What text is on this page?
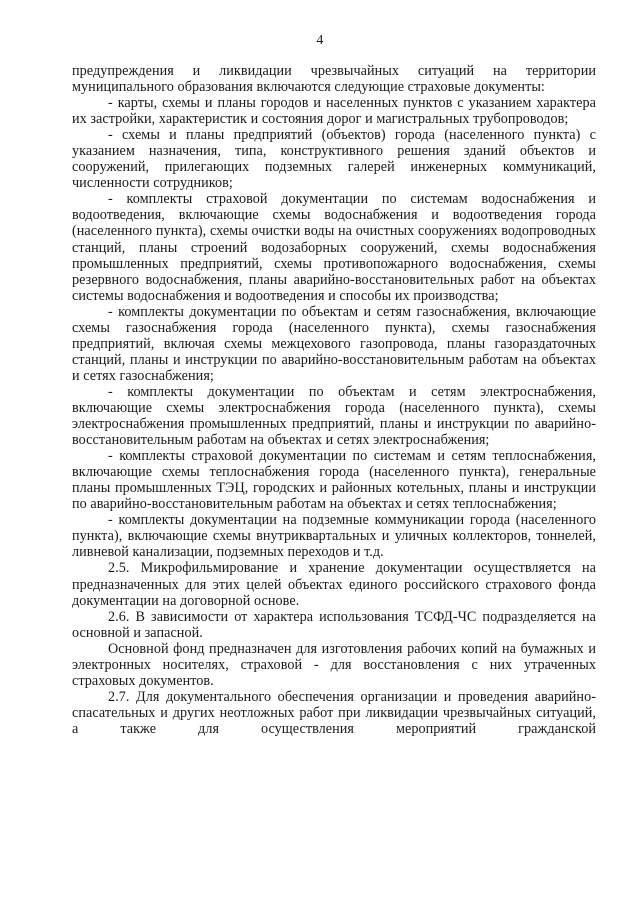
4

предупреждения и ликвидации чрезвычайных ситуаций на территории муниципального образования включаются следующие страховые документы:

- карты, схемы и планы городов и населенных пунктов с указанием характера их застройки, характеристик и состояния дорог и магистральных трубопроводов;

- схемы и планы предприятий (объектов) города (населенного пункта) с указанием назначения, типа, конструктивного решения зданий объектов и сооружений, прилегающих подземных галерей инженерных коммуникаций, численности сотрудников;

- комплекты страховой документации по системам водоснабжения и водоотведения, включающие схемы водоснабжения и водоотведения города (населенного пункта), схемы очистки воды на очистных сооружениях водопроводных станций, планы строений водозаборных сооружений, схемы водоснабжения промышленных предприятий, схемы противопожарного водоснабжения, схемы резервного водоснабжения, планы аварийно-восстановительных работ на объектах системы водоснабжения и водоотведения и способы их производства;

- комплекты документации по объектам и сетям газоснабжения, включающие схемы газоснабжения города (населенного пункта), схемы газоснабжения предприятий, включая схемы межцехового газопровода, планы газораздаточных станций, планы и инструкции по аварийно-восстановительным работам на объектах и сетях газоснабжения;

- комплекты документации по объектам и сетям электроснабжения, включающие схемы электроснабжения города (населенного пункта), схемы электроснабжения промышленных предприятий, планы и инструкции по аварийно-восстановительным работам на объектах и сетях электроснабжения;

- комплекты страховой документации по системам и сетям теплоснабжения, включающие схемы теплоснабжения города (населенного пункта), генеральные планы промышленных ТЭЦ, городских и районных котельных, планы и инструкции по аварийно-восстановительным работам на объектах и сетях теплоснабжения;

- комплекты документации на подземные коммуникации города (населенного пункта), включающие схемы внутриквартальных и уличных коллекторов, тоннелей, ливневой канализации, подземных переходов и т.д.

2.5. Микрофильмирование и хранение документации осуществляется на предназначенных для этих целей объектах единого российского страхового фонда документации на договорной основе.

2.6. В зависимости от характера использования ТСФД-ЧС подразделяется на основной и запасной.

Основной фонд предназначен для изготовления рабочих копий на бумажных и электронных носителях, страховой - для восстановления с них утраченных страховых документов.

2.7. Для документального обеспечения организации и проведения аварийно-спасательных и других неотложных работ при ликвидации чрезвычайных ситуаций, а также для осуществления мероприятий гражданской
